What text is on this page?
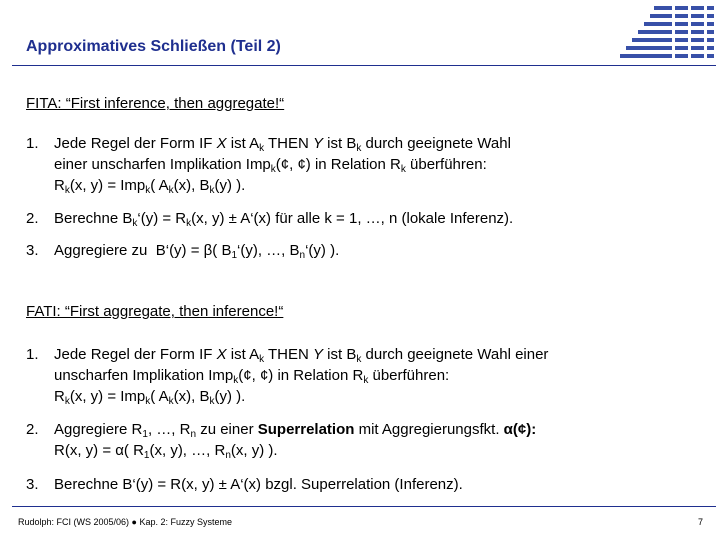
Approximatives Schließen (Teil 2)
FITA: “First inference, then aggregate!“
1. Jede Regel der Form IF X ist $A_k$ THEN Y ist $B_k$ durch geeignete Wahl
einer unscharfen Implikation Imp$_k$(¢, ¢) in Relation $R_k$ überführen:
$R_k(x$, y) = Imp$_k$( $A_k(x)$, $B_k(y)$ ).
2. Berechne $B_k‘(y) = R_k(x$, y) ± A‘(x) für alle k = 1, …, n (lokale Inferenz).
3. Aggregiere zu  B‘(y) = β( $B_1‘(y)$, …, $B_n‘(y)$ ).
FATI: “First aggregate, then inference!“
1. Jede Regel der Form IF X ist $A_k$ THEN Y ist $B_k$ durch geeignete Wahl einer
unscharfen Implikation Imp$_k$(¢, ¢) in Relation $R_k$ überführen:
$R_k(x$, y) = Imp$_k$( $A_k(x)$, $B_k(y)$ ).
2. Aggregiere $R_1$, …, $R_n$ zu einer Superrelation mit Aggregierungsfkt. α(¢):
R(x, y) = α( $R_1(x$, y), …, $R_n(x$, y) ).
3. Berechne B‘(y) = R(x, y) ± A‘(x) bzgl. Superrelation (Inferenz).
Rudolph: FCI (WS 2005/06) ● Kap. 2: Fuzzy Systeme	7
